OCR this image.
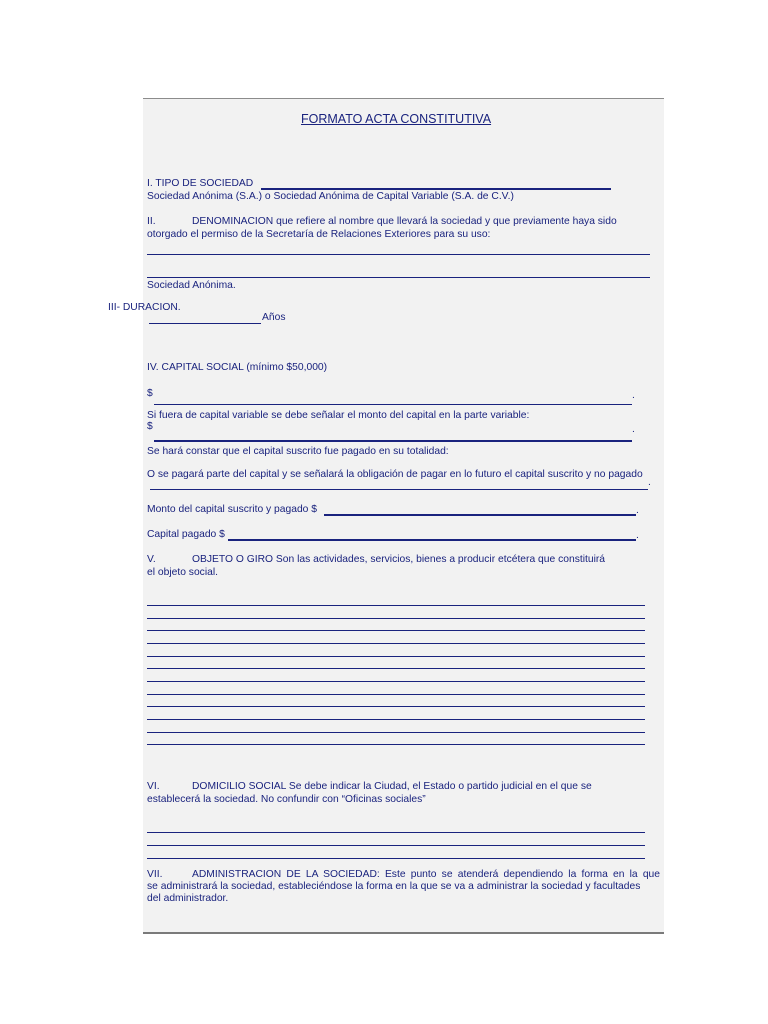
FORMATO ACTA CONSTITUTIVA
I. TIPO DE SOCIEDAD
Sociedad Anónima (S.A.) o Sociedad Anónima de Capital Variable (S.A. de C.V.)
II.	DENOMINACION que refiere al nombre que llevará la sociedad y que previamente haya sido
otorgado el permiso de la Secretaría de Relaciones Exteriores para su uso:
Sociedad Anónima.
III- DURACION.
Años
IV. CAPITAL SOCIAL (mínimo $50,000)
$	.
Si fuera de capital variable se debe señalar el monto del capital en la parte variable:
$	.
Se hará constar que el capital suscrito fue pagado en su totalidad:
O se pagará parte del capital y se señalará la obligación de pagar en lo futuro el capital suscrito y no pagado
.
Monto del capital suscrito y pagado $	.
Capital pagado $	.
V.	OBJETO O GIRO Son las actividades, servicios, bienes a producir etcétera que constituirá
el objeto social.
VI.	DOMICILIO SOCIAL Se debe indicar la Ciudad, el Estado o partido judicial en el que se
establecerá la sociedad. No confundir con “Oficinas sociales”
VII.	ADMINISTRACION DE LA SOCIEDAD: Este punto se atenderá dependiendo la forma en la que
se administrará la sociedad, estableciéndose la forma en la que se va a administrar la sociedad y facultades
del administrador.
